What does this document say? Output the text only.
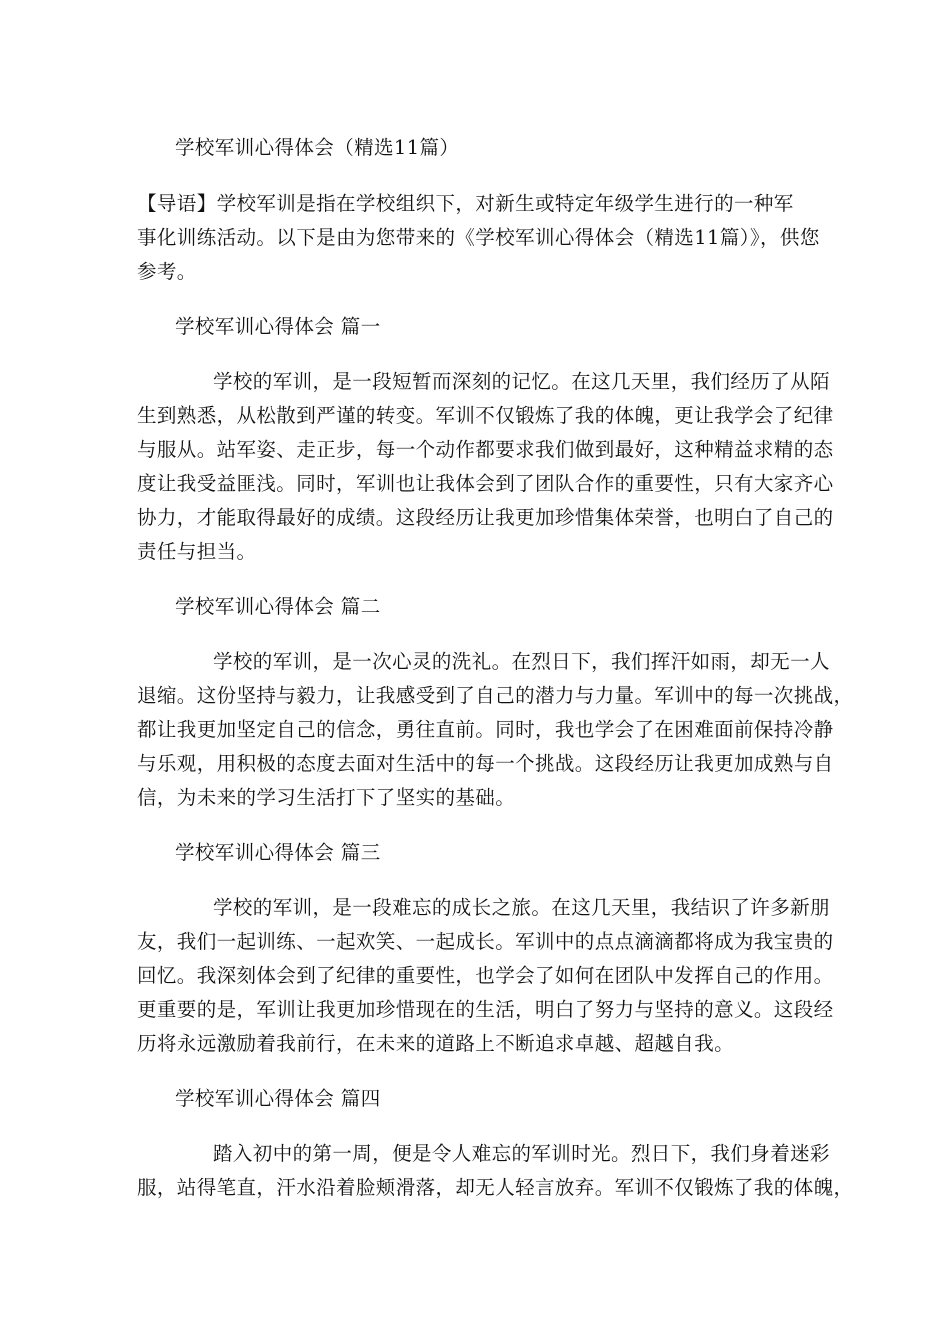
学校军训心得体会（精选11篇）
【导语】学校军训是指在学校组织下，对新生或特定年级学生进行的一种军
事化训练活动。以下是由为您带来的《学校军训心得体会（精选11篇）》，供您
参考。
学校军训心得体会 篇一
学校的军训，是一段短暂而深刻的记忆。在这几天里，我们经历了从陌
生到熟悉，从松散到严谨的转变。军训不仅锻炼了我的体魄，更让我学会了纪律
与服从。站军姿、走正步，每一个动作都要求我们做到最好，这种精益求精的态
度让我受益匪浅。同时，军训也让我体会到了团队合作的重要性，只有大家齐心
协力，才能取得最好的成绩。这段经历让我更加珍惜集体荣誉，也明白了自己的
责任与担当。
学校军训心得体会 篇二
学校的军训，是一次心灵的洗礼。在烈日下，我们挥汗如雨，却无一人
退缩。这份坚持与毅力，让我感受到了自己的潜力与力量。军训中的每一次挑战，
都让我更加坚定自己的信念，勇往直前。同时，我也学会了在困难面前保持冷静
与乐观，用积极的态度去面对生活中的每一个挑战。这段经历让我更加成熟与自
信，为未来的学习生活打下了坚实的基础。
学校军训心得体会 篇三
学校的军训，是一段难忘的成长之旅。在这几天里，我结识了许多新朋
友，我们一起训练、一起欢笑、一起成长。军训中的点点滴滴都将成为我宝贵的
回忆。我深刻体会到了纪律的重要性，也学会了如何在团队中发挥自己的作用。
更重要的是，军训让我更加珍惜现在的生活，明白了努力与坚持的意义。这段经
历将永远激励着我前行，在未来的道路上不断追求卓越、超越自我。
学校军训心得体会 篇四
踏入初中的第一周，便是令人难忘的军训时光。烈日下，我们身着迷彩
服，站得笔直，汗水沿着脸颊滑落，却无人轻言放弃。军训不仅锻炼了我的体魄，
